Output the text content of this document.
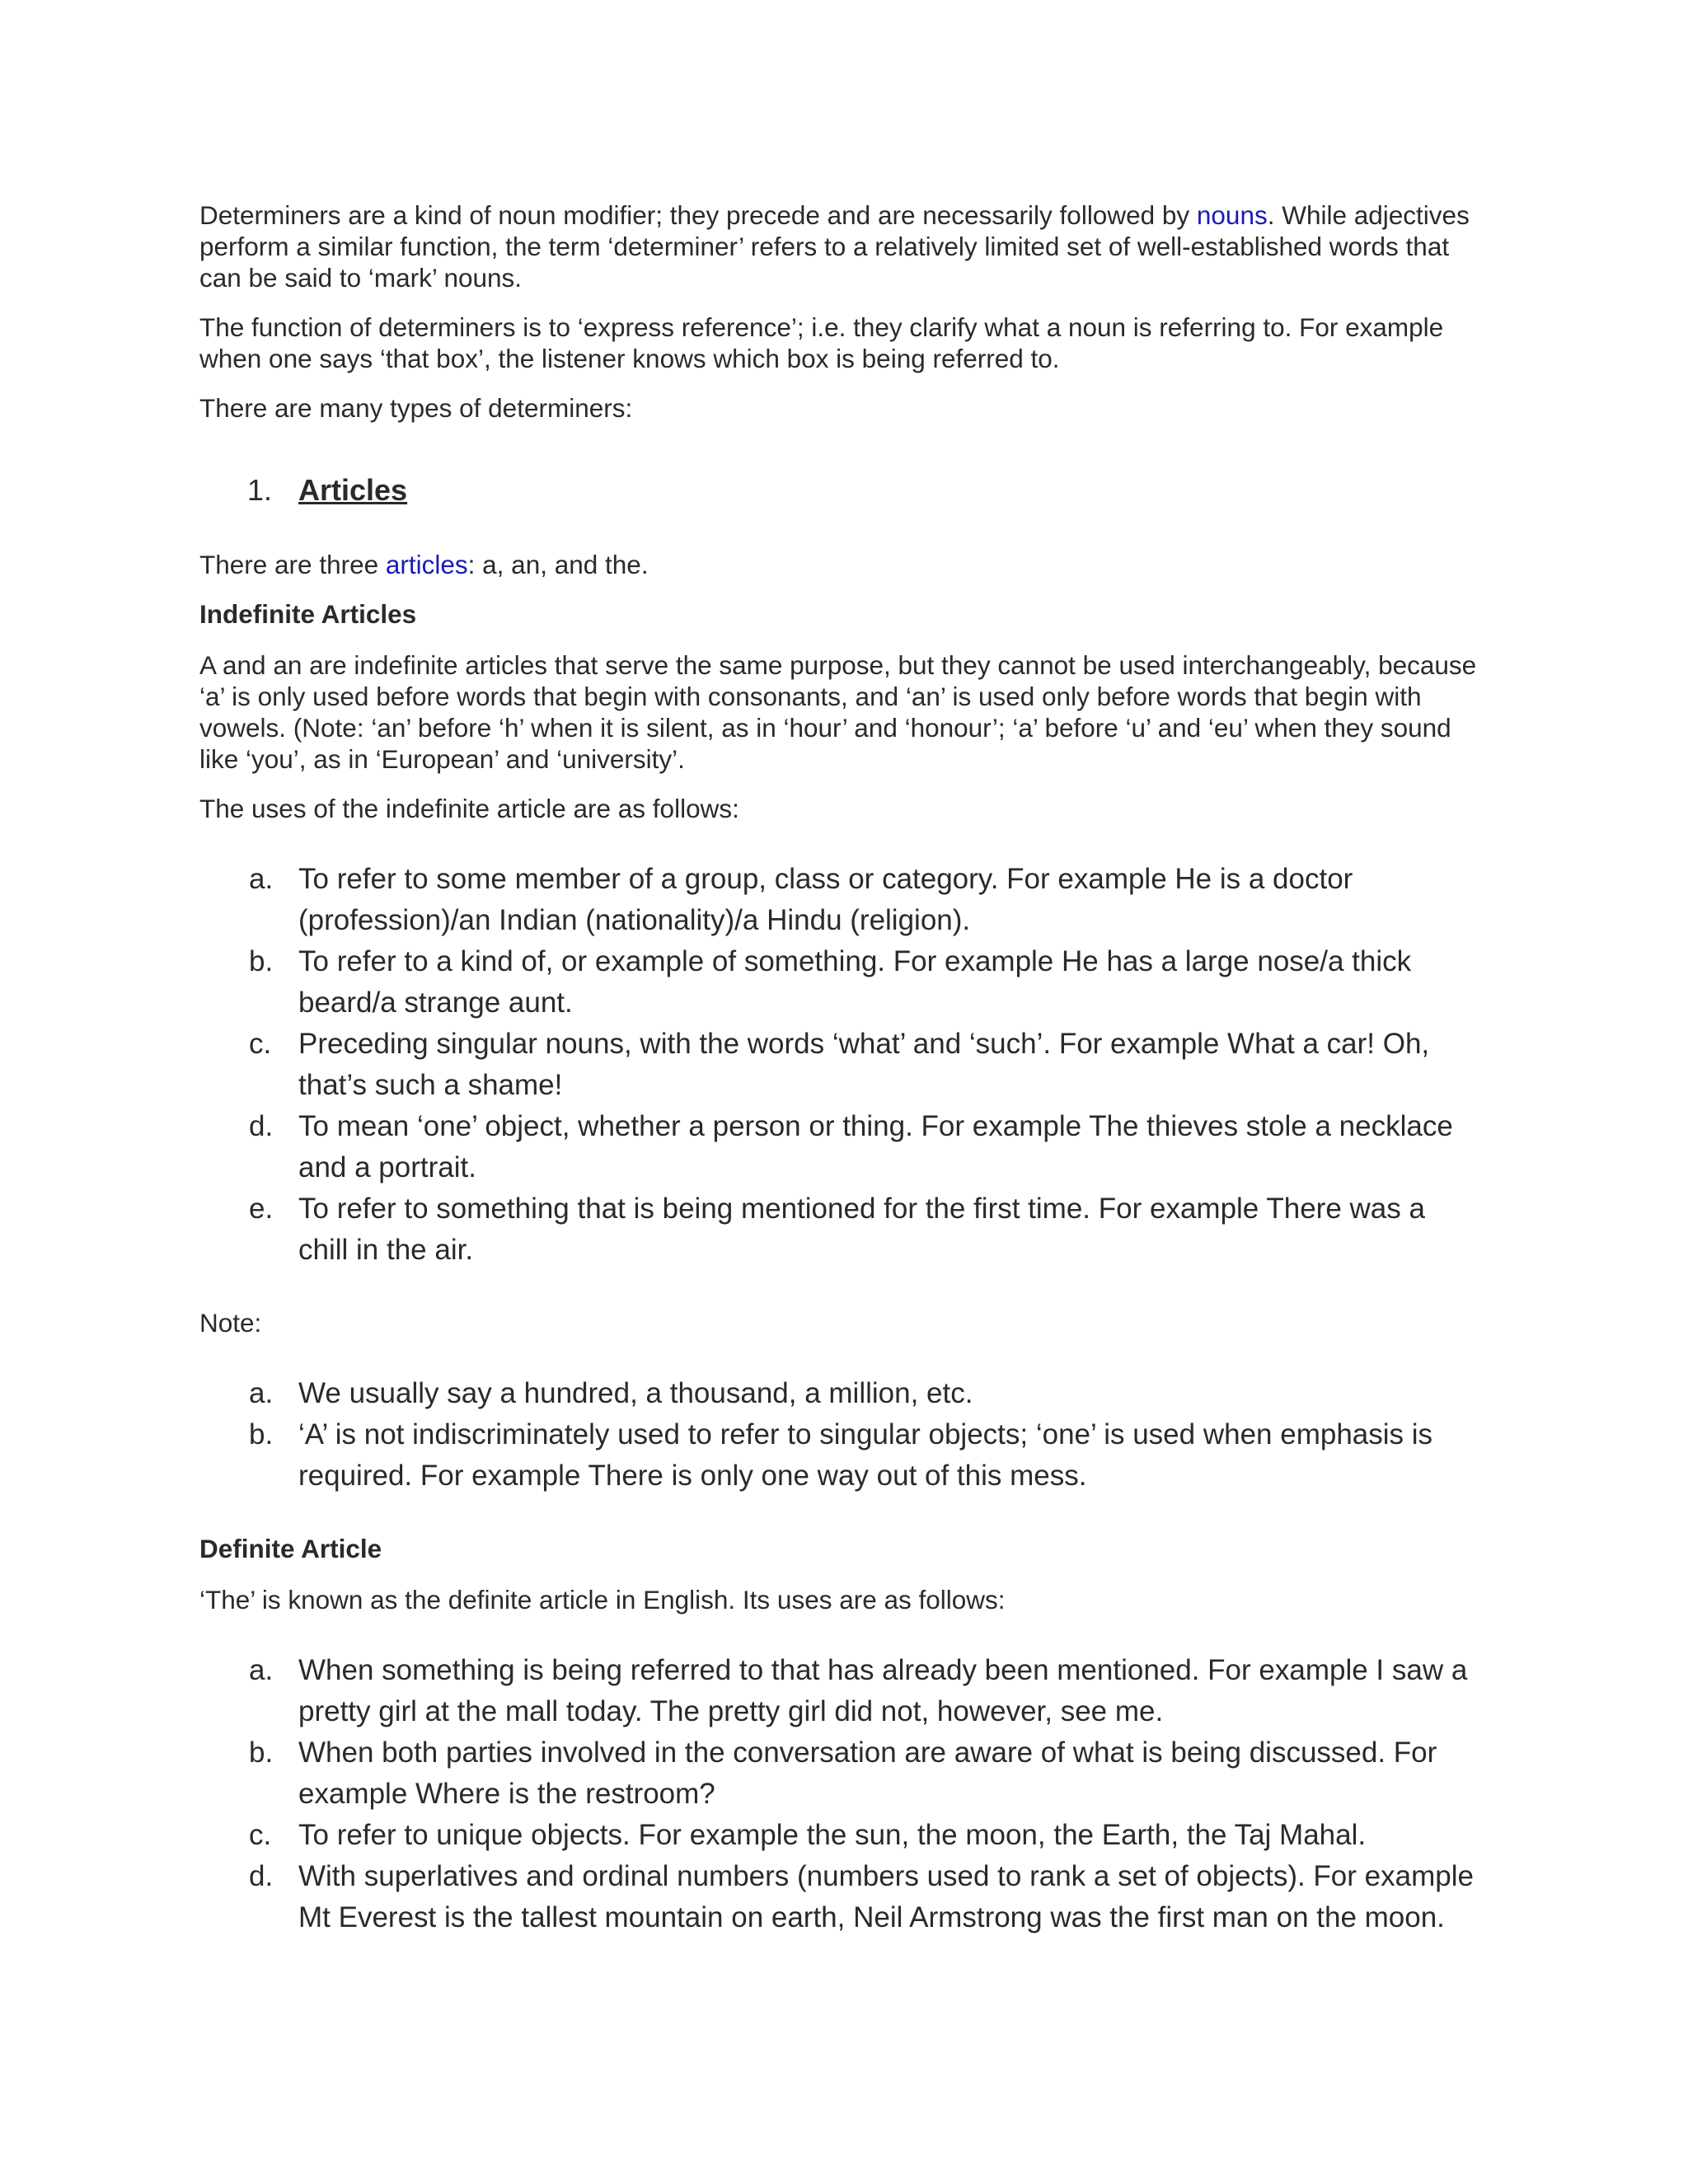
Determiners are a kind of noun modifier; they precede and are necessarily followed by nouns. While adjectives perform a similar function, the term ‘determiner’ refers to a relatively limited set of well-established words that can be said to ‘mark’ nouns.

The function of determiners is to ‘express reference’; i.e. they clarify what a noun is referring to. For example when one says ‘that box’, the listener knows which box is being referred to.

There are many types of determiners:

1. Articles

There are three articles: a, an, and the.

Indefinite Articles

A and an are indefinite articles that serve the same purpose, but they cannot be used interchangeably, because ‘a’ is only used before words that begin with consonants, and ‘an’ is used only before words that begin with vowels. (Note: ‘an’ before ‘h’ when it is silent, as in ‘hour’ and ‘honour’; ‘a’ before ‘u’ and ‘eu’ when they sound like ‘you’, as in ‘European’ and ‘university’.

The uses of the indefinite article are as follows:

a. To refer to some member of a group, class or category. For example He is a doctor (profession)/an Indian (nationality)/a Hindu (religion).
b. To refer to a kind of, or example of something. For example He has a large nose/a thick beard/a strange aunt.
c. Preceding singular nouns, with the words ‘what’ and ‘such’. For example What a car! Oh, that’s such a shame!
d. To mean ‘one’ object, whether a person or thing. For example The thieves stole a necklace and a portrait.
e. To refer to something that is being mentioned for the first time. For example There was a chill in the air.

Note:

a. We usually say a hundred, a thousand, a million, etc.
b. ‘A’ is not indiscriminately used to refer to singular objects; ‘one’ is used when emphasis is required. For example There is only one way out of this mess.

Definite Article

‘The’ is known as the definite article in English. Its uses are as follows:

a. When something is being referred to that has already been mentioned. For example I saw a pretty girl at the mall today. The pretty girl did not, however, see me.
b. When both parties involved in the conversation are aware of what is being discussed. For example Where is the restroom?
c. To refer to unique objects. For example the sun, the moon, the Earth, the Taj Mahal.
d. With superlatives and ordinal numbers (numbers used to rank a set of objects). For example Mt Everest is the tallest mountain on earth, Neil Armstrong was the first man on the moon.
